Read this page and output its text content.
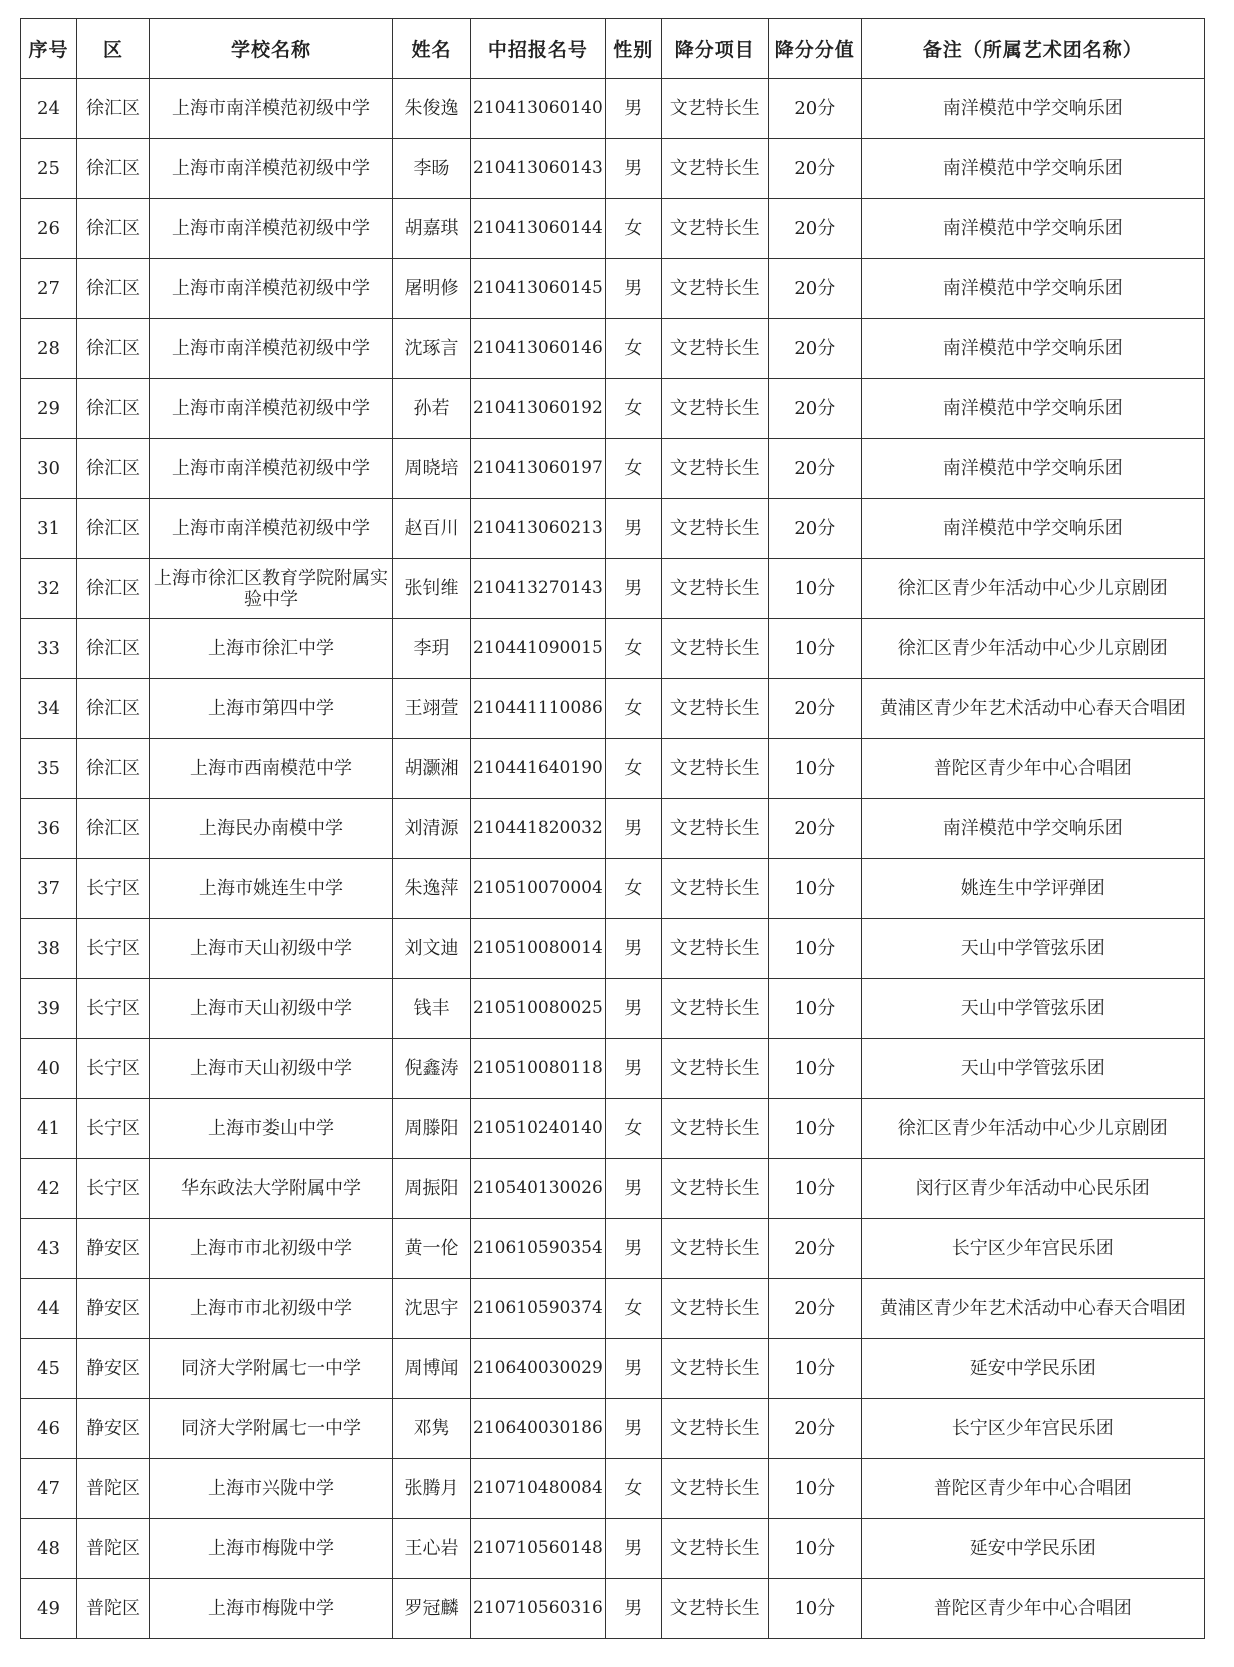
序号	区	学校名称	姓名	中招报名号	性别	降分项目	降分分值	备注（所属艺术团名称）
24	徐汇区	上海市南洋模范初级中学	朱俊逸	210413060140	男	文艺特长生	20分	南洋模范中学交响乐团
25	徐汇区	上海市南洋模范初级中学	李旸	210413060143	男	文艺特长生	20分	南洋模范中学交响乐团
26	徐汇区	上海市南洋模范初级中学	胡嘉琪	210413060144	女	文艺特长生	20分	南洋模范中学交响乐团
27	徐汇区	上海市南洋模范初级中学	屠明修	210413060145	男	文艺特长生	20分	南洋模范中学交响乐团
28	徐汇区	上海市南洋模范初级中学	沈琢言	210413060146	女	文艺特长生	20分	南洋模范中学交响乐团
29	徐汇区	上海市南洋模范初级中学	孙若	210413060192	女	文艺特长生	20分	南洋模范中学交响乐团
30	徐汇区	上海市南洋模范初级中学	周晓培	210413060197	女	文艺特长生	20分	南洋模范中学交响乐团
31	徐汇区	上海市南洋模范初级中学	赵百川	210413060213	男	文艺特长生	20分	南洋模范中学交响乐团
32	徐汇区	上海市徐汇区教育学院附属实验中学	张钊维	210413270143	男	文艺特长生	10分	徐汇区青少年活动中心少儿京剧团
33	徐汇区	上海市徐汇中学	李玥	210441090015	女	文艺特长生	10分	徐汇区青少年活动中心少儿京剧团
34	徐汇区	上海市第四中学	王翊萱	210441110086	女	文艺特长生	20分	黄浦区青少年艺术活动中心春天合唱团
35	徐汇区	上海市西南模范中学	胡灏湘	210441640190	女	文艺特长生	10分	普陀区青少年中心合唱团
36	徐汇区	上海民办南模中学	刘清源	210441820032	男	文艺特长生	20分	南洋模范中学交响乐团
37	长宁区	上海市姚连生中学	朱逸萍	210510070004	女	文艺特长生	10分	姚连生中学评弹团
38	长宁区	上海市天山初级中学	刘文迪	210510080014	男	文艺特长生	10分	天山中学管弦乐团
39	长宁区	上海市天山初级中学	钱丰	210510080025	男	文艺特长生	10分	天山中学管弦乐团
40	长宁区	上海市天山初级中学	倪鑫涛	210510080118	男	文艺特长生	10分	天山中学管弦乐团
41	长宁区	上海市娄山中学	周滕阳	210510240140	女	文艺特长生	10分	徐汇区青少年活动中心少儿京剧团
42	长宁区	华东政法大学附属中学	周振阳	210540130026	男	文艺特长生	10分	闵行区青少年活动中心民乐团
43	静安区	上海市市北初级中学	黄一伦	210610590354	男	文艺特长生	20分	长宁区少年宫民乐团
44	静安区	上海市市北初级中学	沈思宇	210610590374	女	文艺特长生	20分	黄浦区青少年艺术活动中心春天合唱团
45	静安区	同济大学附属七一中学	周博闻	210640030029	男	文艺特长生	10分	延安中学民乐团
46	静安区	同济大学附属七一中学	邓隽	210640030186	男	文艺特长生	20分	长宁区少年宫民乐团
47	普陀区	上海市兴陇中学	张腾月	210710480084	女	文艺特长生	10分	普陀区青少年中心合唱团
48	普陀区	上海市梅陇中学	王心岩	210710560148	男	文艺特长生	10分	延安中学民乐团
49	普陀区	上海市梅陇中学	罗冠麟	210710560316	男	文艺特长生	10分	普陀区青少年中心合唱团
